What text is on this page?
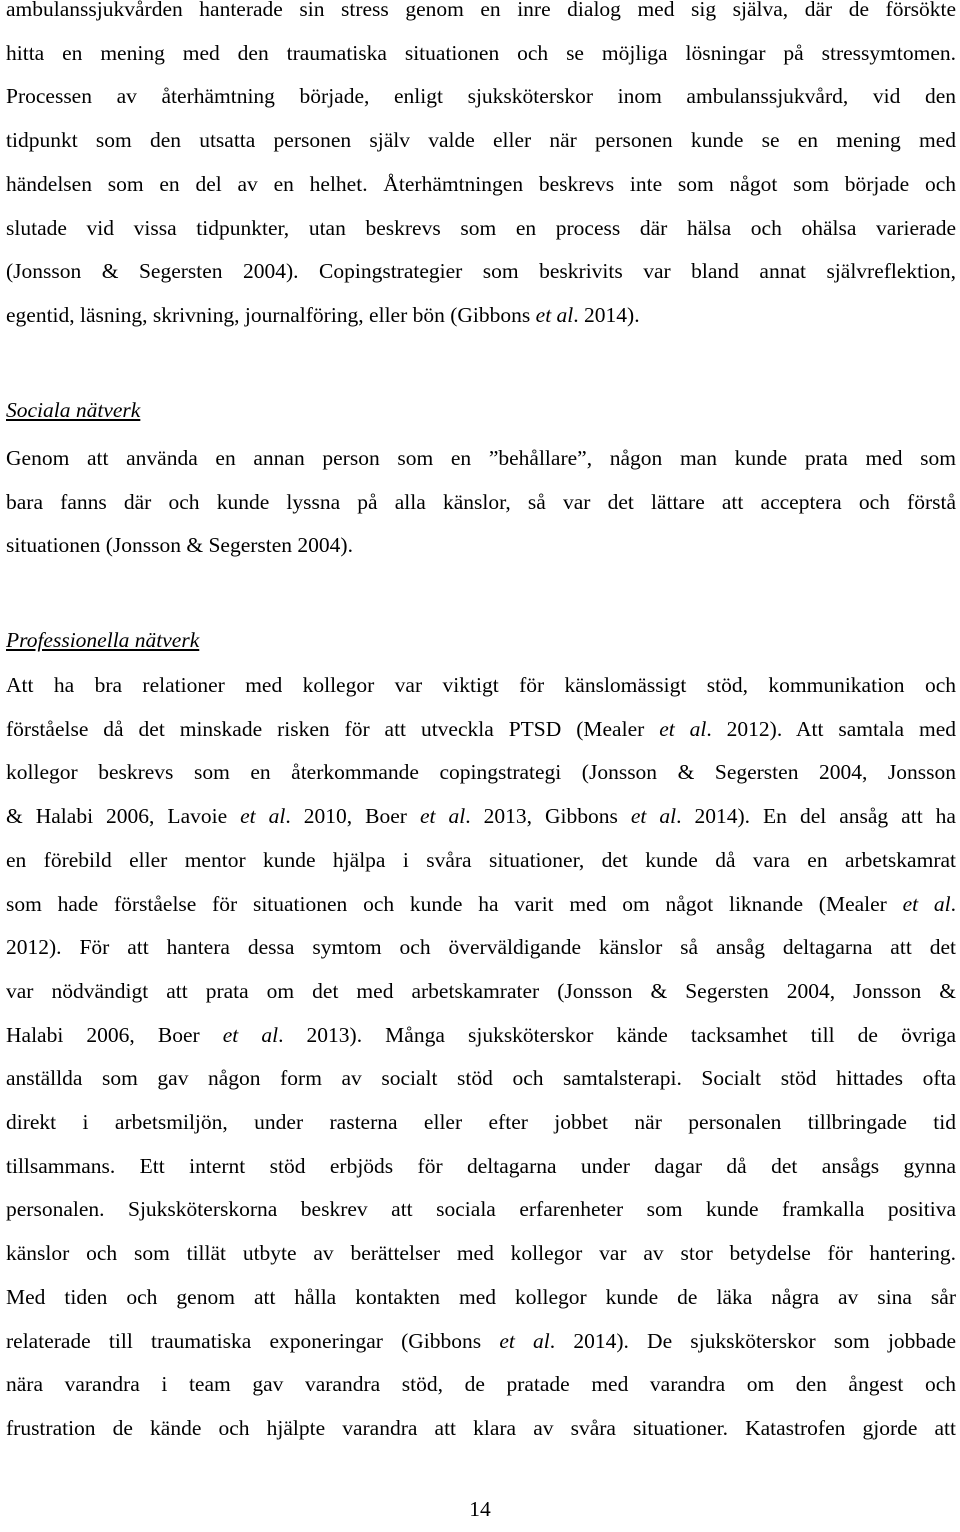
ambulanssjukvården hanterade sin stress genom en inre dialog med sig själva, där de försökte
hitta en mening med den traumatiska situationen och se möjliga lösningar på stressymtomen.
Processen av återhämtning började, enligt sjuksköterskor inom ambulanssjukvård, vid den
tidpunkt som den utsatta personen själv valde eller när personen kunde se en mening med
händelsen som en del av en helhet. Återhämtningen beskrevs inte som något som började och
slutade vid vissa tidpunkter, utan beskrevs som en process där hälsa och ohälsa varierade
(Jonsson & Segersten 2004). Copingstrategier som beskrivits var bland annat självreflektion,
egentid, läsning, skrivning, journalföring, eller bön (Gibbons et al. 2014).
Sociala nätverk
Genom att använda en annan person som en ”behållare”, någon man kunde prata med som
bara fanns där och kunde lyssna på alla känslor, så var det lättare att acceptera och förstå
situationen (Jonsson & Segersten 2004).
Professionella nätverk
Att ha bra relationer med kollegor var viktigt för känslomässigt stöd, kommunikation och
förståelse då det minskade risken för att utveckla PTSD (Mealer et al. 2012). Att samtala med
kollegor beskrevs som en återkommande copingstrategi (Jonsson & Segersten 2004, Jonsson
& Halabi 2006, Lavoie et al. 2010, Boer et al. 2013, Gibbons et al. 2014). En del ansåg att ha
en förebild eller mentor kunde hjälpa i svåra situationer, det kunde då vara en arbetskamrat
som hade förståelse för situationen och kunde ha varit med om något liknande (Mealer et al.
2012). För att hantera dessa symtom och överväldigande känslor så ansåg deltagarna att det
var nödvändigt att prata om det med arbetskamrater (Jonsson & Segersten 2004, Jonsson &
Halabi 2006, Boer et al. 2013). Många sjuksköterskor kände tacksamhet till de övriga
anställda som gav någon form av socialt stöd och samtalsterapi. Socialt stöd hittades ofta
direkt i arbetsmiljön, under rasterna eller efter jobbet när personalen tillbringade tid
tillsammans. Ett internt stöd erbjöds för deltagarna under dagar då det ansågs gynna
personalen. Sjuksköterskorna beskrev att sociala erfarenheter som kunde framkalla positiva
känslor och som tillät utbyte av berättelser med kollegor var av stor betydelse för hantering.
Med tiden och genom att hålla kontakten med kollegor kunde de läka några av sina sår
relaterade till traumatiska exponeringar (Gibbons et al. 2014). De sjuksköterskor som jobbade
nära varandra i team gav varandra stöd, de pratade med varandra om den ångest och
frustration de kände och hjälpte varandra att klara av svåra situationer. Katastrofen gjorde att
14
